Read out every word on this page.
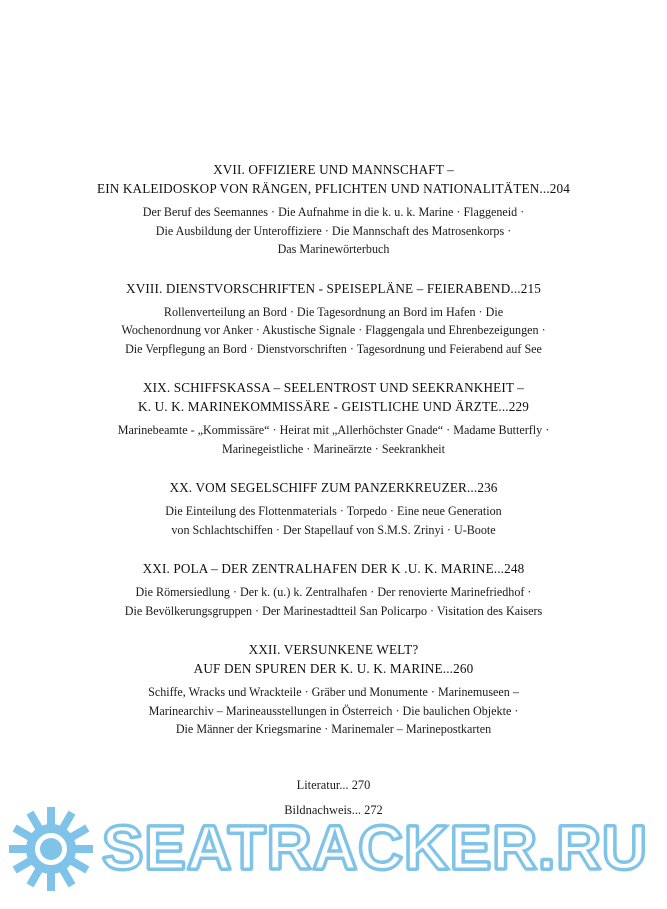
XVII. OFFIZIERE UND MANNSCHAFT –
EIN KALEIDOSKOP VON RÄNGEN, PFLICHTEN UND NATIONALITÄTEN...204
Der Beruf des Seemannes · Die Aufnahme in die k. u. k. Marine · Flaggeneid ·
Die Ausbildung der Unteroffiziere · Die Mannschaft des Matrosenkorps ·
Das Marinewörterbuch
XVIII. DIENSTVORSCHRIFTEN - SPEISEPLÄNE – FEIERABEND...215
Rollenverteilung an Bord · Die Tagesordnung an Bord im Hafen · Die
Wochenordnung vor Anker · Akustische Signale · Flaggengala und Ehrenbezeigungen ·
Die Verpflegung an Bord · Dienstvorschriften · Tagesordnung und Feierabend auf See
XIX. SCHIFFSKASSA – SEELENTROST UND SEEKRANKHEIT –
K. U. K. MARINEKOMMISSÄRE - GEISTLICHE UND ÄRZTE...229
Marinebeamte - „Kommissäre“ · Heirat mit „Allerhöchster Gnade“ · Madame Butterfly ·
Marinegeistliche · Marineärzte · Seekrankheit
XX. VOM SEGELSCHIFF ZUM PANZERKREUZER...236
Die Einteilung des Flottenmaterials · Torpedo · Eine neue Generation
von Schlachtschiffen · Der Stapellauf von S.M.S. Zrinyi · U-Boote
XXI. POLA – DER ZENTRALHAFEN DER K .U. K. MARINE...248
Die Römersiedlung · Der k. (u.) k. Zentralhafen · Der renovierte Marinefriedhof ·
Die Bevölkerungsgruppen · Der Marinestadtteil San Policarpo · Visitation des Kaisers
XXII. VERSUNKENE WELT?
AUF DEN SPUREN DER K. U. K. MARINE...260
Schiffe, Wracks und Wrackteile · Gräber und Monumente · Marinemuseen –
Marinearchiv – Marineausstellungen in Österreich · Die baulichen Objekte ·
Die Männer der Kriegsmarine · Marinemaler – Marinepostkarten
Literatur... 270
Bildnachweis... 272
SEATRACKER.RU
